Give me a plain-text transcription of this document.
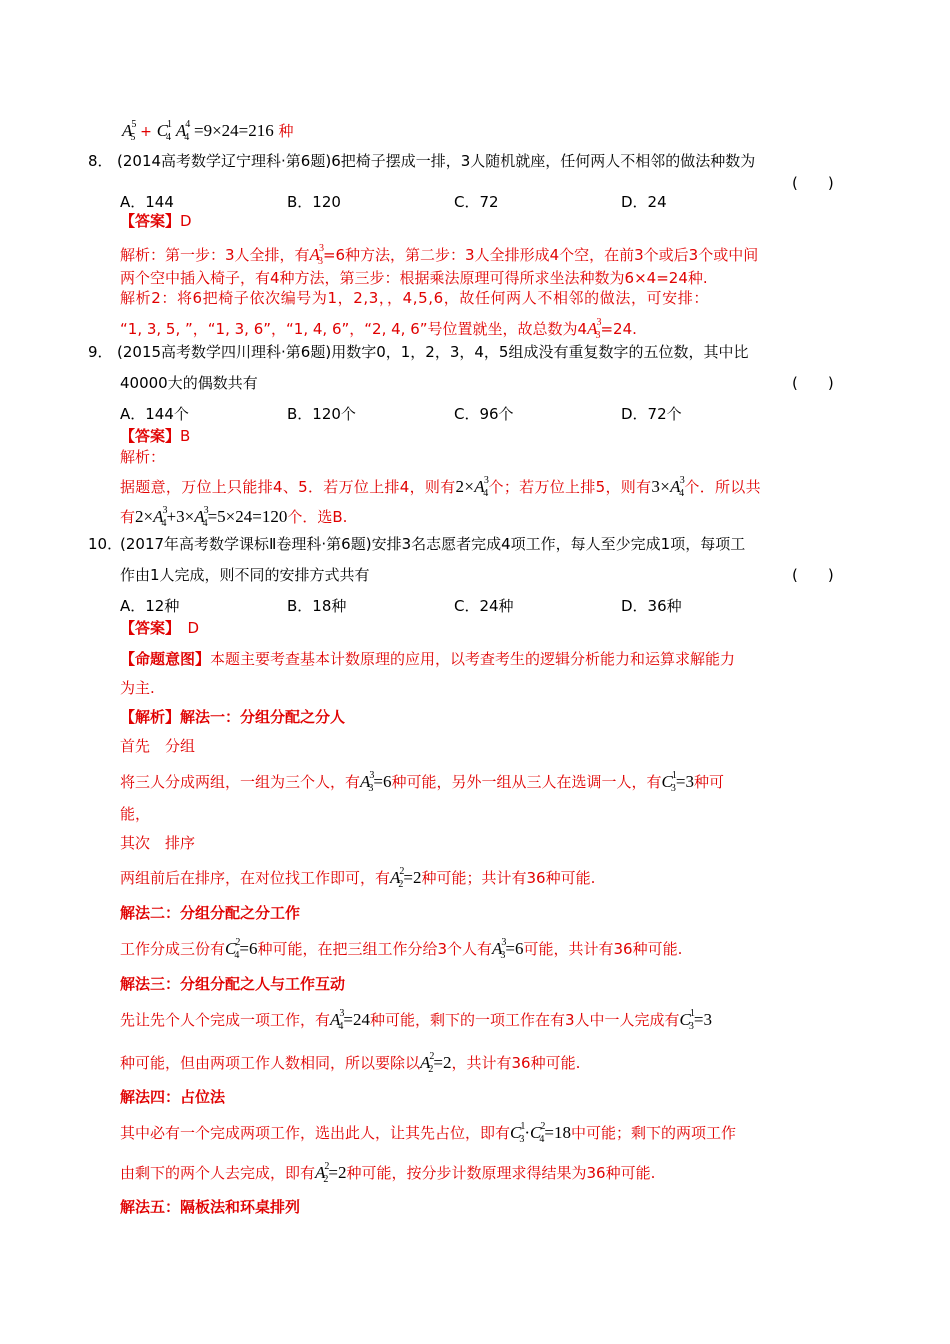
$A^5_5 + C^1_4$ $A^4_4 =9\times 24=216$ 种
8． (2014高考数学辽宁理科·第6题)6把椅子摆成一排，3人随机就座，任何两人不相邻的做法种数为
(　　)
A．144	B．120	C．72	D．24
【答案】D
解析：第一步：3人全排，有$A^3_3=6$种方法，第二步：3人全排形成4个空，在前3个或后3个或中间
两个空中插入椅子，有4种方法，第三步：根据乘法原理可得所求坐法种数为6×4=24种.
解析2：将6把椅子依次编号为1，2,3，，4,5,6，故任何两人不相邻的做法，可安排：
“1, 3, 5, ”，“1, 3, 6”，“1, 4, 6”，“2, 4, 6”号位置就坐，故总数为$4A^3_3=24$.
9． (2015高考数学四川理科·第6题)用数字0，1，2，3，4，5组成没有重复数字的五位数，其中比
40000大的偶数共有	(　　)
A．144个	B．120个	C．96个	D．72个
【答案】B
解析：
据题意，万位上只能排4、5．若万位上排4，则有$2\times A^3_4$个；若万位上排5，则有$3\times A^3_4$个．所以共
有$2\times A^3_4+3\times A^3_4=5\times 24=120$个．选B.
10．
(2017年高考数学课标Ⅱ卷理科·第6题)安排3名志愿者完成4项工作，每人至少完成1项，每项工
作由1人完成，则不同的安排方式共有	(　　)
A．12种	B．18种	C．24种	D．36种
【答案】　D
【命题意图】本题主要考查基本计数原理的应用，以考查考生的逻辑分析能力和运算求解能力
为主.
【解析】解法一：分组分配之分人
首先　分组
将三人分成两组，一组为三个人，有$A^3_3=6$种可能，另外一组从三人在选调一人，有$C^1_3=3$种可
能，
其次　排序
两组前后在排序，在对位找工作即可，有$A^2_2=2$种可能；共计有36种可能.
解法二：分组分配之分工作
工作分成三份有$C^2_4=6$种可能，在把三组工作分给3个人有$A^3_3=6$可能，共计有36种可能.
解法三：分组分配之人与工作互动
先让先个人个完成一项工作，有$A^3_4=24$种可能，剩下的一项工作在有3人中一人完成有$C^1_3=3$
种可能，但由两项工作人数相同，所以要除以$A^2_2=2$，共计有36种可能.
解法四：占位法
其中必有一个完成两项工作，选出此人，让其先占位，即有$C^1_3\cdot C^2_4=18$中可能；剩下的两项工作
由剩下的两个人去完成，即有$A^2_2=2$种可能，按分步计数原理求得结果为36种可能.
解法五：隔板法和环桌排列
